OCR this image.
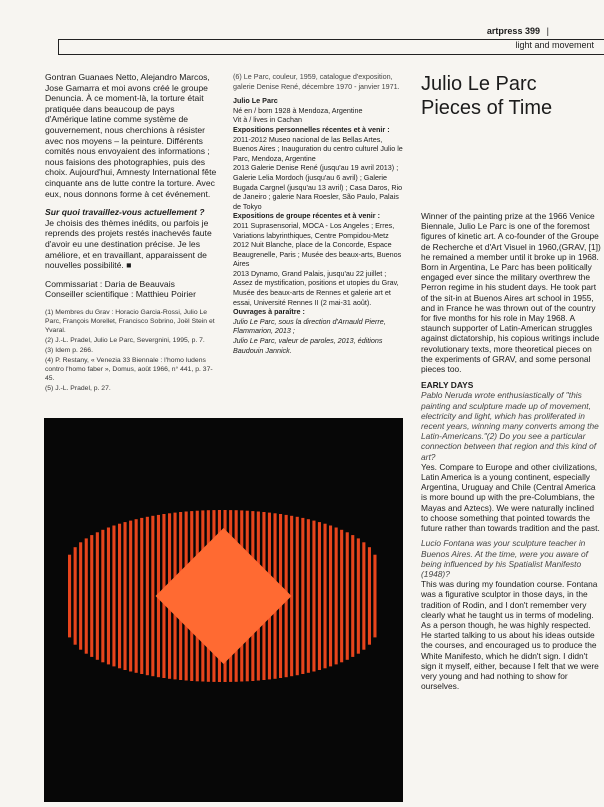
artpress 399 |
light and movement

Gontran Guanaes Netto, Alejandro Marcos, Jose Gamarra et moi avons créé le groupe Denuncia. À ce moment-là, la torture était pratiquée dans beaucoup de pays d'Amérique latine comme système de gouvernement, nous cherchions à résister avec nos moyens – la peinture. Différents comités nous envoyaient des informations ; nous faisions des photographies, puis des choix. Aujourd'hui, Amnesty International fête cinquante ans de lutte contre la torture. Avec eux, nous donnons forme à cet événement.

Sur quoi travaillez-vous actuellement ?

Je choisis des thèmes inédits, ou parfois je reprends des projets restés inachevés faute d'avoir eu une destination précise. Je les améliore, et en travaillant, apparaissent de nouvelles possibilité. ■

Commissariat : Daria de Beauvais

Conseiller scientifique : Matthieu Poirier

(1) Membres du Grav : Horacio Garcia-Rossi, Julio Le Parc, François Morellet, Francisco Sobrino, Joël Stein et Yvaral.

(2) J.-L. Pradel, Julio Le Parc, Severgnini, 1995, p. 7.

(3) Idem p. 266.

(4) P. Restany, « Venezia 33 Biennale : l'homo ludens contro l'homo faber », Domus, août 1966, n° 441, p. 37-45.

(5) J.-L. Pradel, p. 27.

(6) Le Parc, couleur, 1959, catalogue d'exposition, galerie Denise René, décembre 1970 - janvier 1971.

Julio Le Parc

Né en / born 1928 à Mendoza, Argentine

Vit à / lives in Cachan

Expositions personnelles récentes et à venir :

2011-2012 Museo nacional de las Bellas Artes, Buenos Aires ; Inauguration du centro culturel Julio le Parc, Mendoza, Argentine

2013 Galerie Denise René (jusqu'au 19 avril 2013) ; Galerie Lelia Mordoch (jusqu'au 6 avril) ; Galerie Bugada Cargnel (jusqu'au 13 avril) ; Casa Daros, Rio de Janeiro ; galerie Nara Roesler, São Paulo, Palais de Tokyo

Expositions de groupe récentes et à venir :

2011 Suprasensorial, MOCA - Los Angeles ; Erres, Variations labyrinthiques, Centre Pompidou-Metz

2012 Nuit Blanche, place de la Concorde, Espace Beaugrenelle, Paris ; Musée des beaux-arts, Buenos Aires

2013 Dynamo, Grand Palais, jusqu'au 22 juillet ; Assez de mystification, positions et utopies du Grav, Musée des beaux-arts de Rennes et galerie art et essai, Université Rennes II (2 mai-31 août).

Ouvrages à paraître :

Julio Le Parc, sous la direction d'Arnauld Pierre, Flammarion, 2013 ;

Julio Le Parc, valeur de paroles, 2013, éditions Baudouin Jannick.

Julio Le Parc
Pieces of Time

Winner of the painting prize at the 1966 Venice Biennale, Julio Le Parc is one of the foremost figures of kinetic art. A co-founder of the Groupe de Recherche et d'Art Visuel in 1960,(GRAV, [1]) he remained a member until it broke up in 1968. Born in Argentina, Le Parc has been politically engaged ever since the military overthrew the Perron regime in his student days. He took part of the sit-in at Buenos Aires art school in 1955, and in France he was thrown out of the country for five months for his role in May 1968. A staunch supporter of Latin-American struggles against dictatorship, his copious writings include revolutionary texts, more theoretical pieces on the experiments of GRAV, and some personal pieces too.

EARLY DAYS

Pablo Neruda wrote enthusiastically of "this painting and sculpture made up of movement, electricity and light, which has proliferated in recent years, winning many converts among the Latin-Americans."(2) Do you see a particular connection between that region and this kind of art?

Yes. Compare to Europe and other civilizations, Latin America is a young continent, especially Argentina, Uruguay and Chile (Central America is more bound up with the pre-Columbians, the Mayas and Aztecs). We were naturally inclined to choose something that pointed towards the future rather than towards tradition and the past.

Lucio Fontana was your sculpture teacher in Buenos Aires. At the time, were you aware of being influenced by his Spatialist Manifesto (1948)?

This was during my foundation course. Fontana was a figurative sculptor in those days, in the tradition of Rodin, and I don't remember very clearly what he taught us in terms of modeling. As a person though, he was highly respected. He started talking to us about his ideas outside the courses, and encouraged us to produce the White Manifesto, which he didn't sign. I didn't sign it myself, either, because I felt that we were very young and had nothing to show for ourselves.
